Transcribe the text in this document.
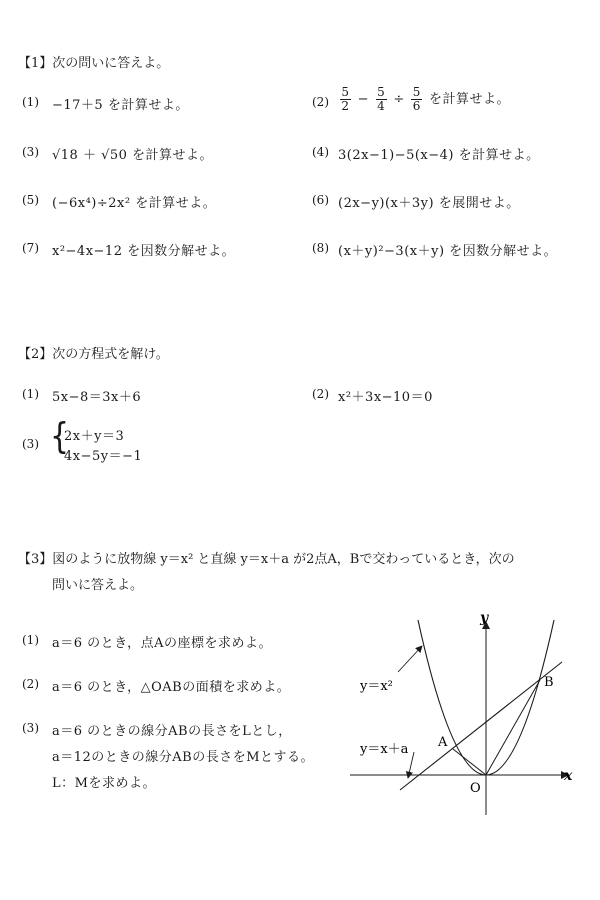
【1】次の問いに答えよ。
(1) −17＋5 を計算せよ。	$(2) \frac{5}{2} - \frac{5}{4} \div \frac{5}{6}$ を計算せよ。
(3) √18 ＋ √50 を計算せよ。	(4) 3(2x−1)−5(x−4) を計算せよ。
(5) (−6x⁴)÷2x² を計算せよ。	(6) (2x−y)(x＋3y) を展開せよ。
(7) x²−4x−12 を因数分解せよ。	(8) (x＋y)²−3(x＋y) を因数分解せよ。
【2】次の方程式を解け。
(1) 5x−8＝3x＋6	(2) x²＋3x−10＝0
(3) {
2x＋y＝3
4x−5y＝−1
【3】図のように放物線 y＝x² と直線 y＝x＋a が2点A，Bで交わっているとき，次の
問いに答えよ。
(1) a＝6 のとき，点Aの座標を求めよ。
(2) a＝6 のとき，△OABの面積を求めよ。
(3) a＝6 のときの線分ABの長さをLとし，
a＝12のときの線分ABの長さをMとする。
L：Mを求めよ。
y＝x²
y＝x＋a
x
y
A
B
O
